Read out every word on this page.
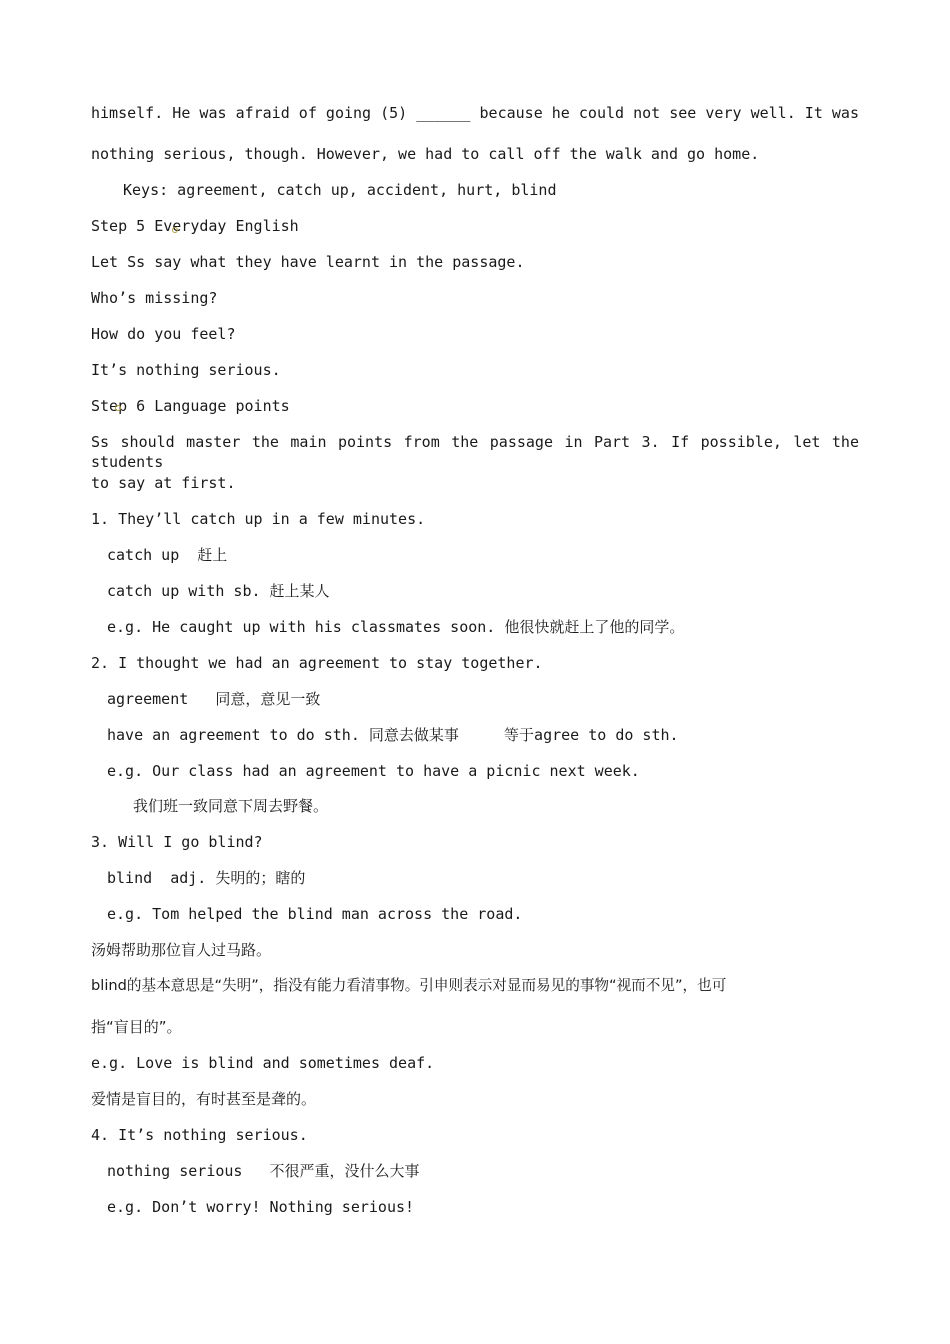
himself. He was afraid of going (5) ______ because he could not see very well. It was
nothing serious, though. However, we had to call off the walk and go home.
Keys: agreement, catch up, accident, hurt, blind
Step 5 Everyday English
Let Ss say what they have learnt in the passage.
Who’s missing?
How do you feel?
It’s nothing serious.
Step 6 Language points
Ss should master the main points from the passage in Part 3. If possible, let the students
to say at first.
1. They’ll catch up in a few minutes.
catch up  赶上
catch up with sb. 赶上某人
e.g. He caught up with his classmates soon. 他很快就赶上了他的同学。
2. I thought we had an agreement to stay together.
agreement   同意，意见一致
have an agreement to do sth. 同意去做某事     等于agree to do sth.
e.g. Our class had an agreement to have a picnic next week.
我们班一致同意下周去野餐。
3. Will I go blind?
blind  adj. 失明的；瞎的
e.g. Tom helped the blind man across the road.
汤姆帮助那位盲人过马路。
blind的基本意思是“失明”，指没有能力看清事物。引申则表示对显而易见的事物“视而不见”，也可
指“盲目的”。
e.g. Love is blind and sometimes deaf.
爱情是盲目的，有时甚至是聋的。
4. It’s nothing serious.
nothing serious   不很严重，没什么大事
e.g. Don’t worry! Nothing serious!
